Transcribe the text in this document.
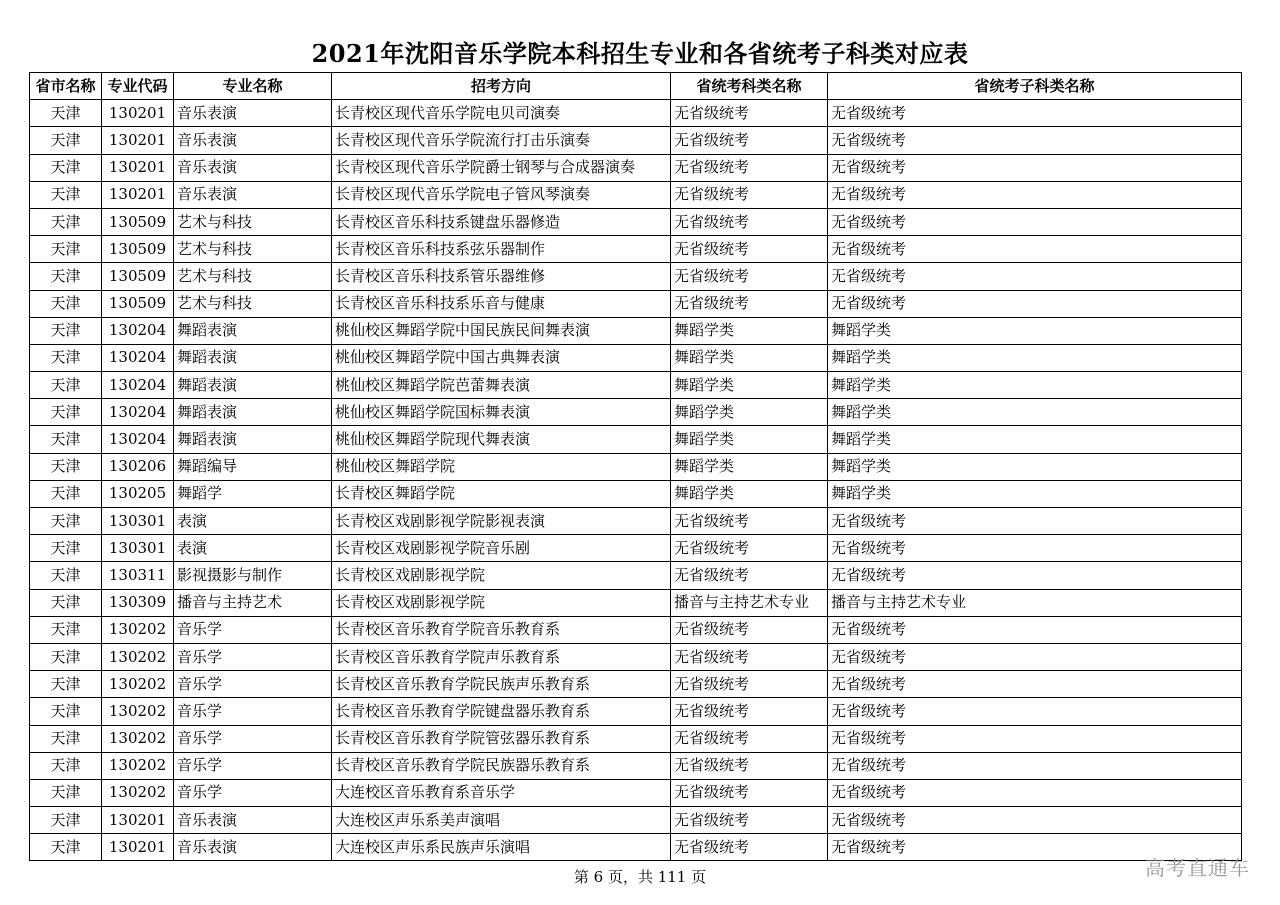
2021年沈阳音乐学院本科招生专业和各省统考子科类对应表
省市名称	专业代码	专业名称	招考方向	省统考科类名称	省统考子科类名称
天津	130201	音乐表演	长青校区现代音乐学院电贝司演奏	无省级统考	无省级统考
天津	130201	音乐表演	长青校区现代音乐学院流行打击乐演奏	无省级统考	无省级统考
天津	130201	音乐表演	长青校区现代音乐学院爵士钢琴与合成器演奏	无省级统考	无省级统考
天津	130201	音乐表演	长青校区现代音乐学院电子管风琴演奏	无省级统考	无省级统考
天津	130509	艺术与科技	长青校区音乐科技系键盘乐器修造	无省级统考	无省级统考
天津	130509	艺术与科技	长青校区音乐科技系弦乐器制作	无省级统考	无省级统考
天津	130509	艺术与科技	长青校区音乐科技系管乐器维修	无省级统考	无省级统考
天津	130509	艺术与科技	长青校区音乐科技系乐音与健康	无省级统考	无省级统考
天津	130204	舞蹈表演	桃仙校区舞蹈学院中国民族民间舞表演	舞蹈学类	舞蹈学类
天津	130204	舞蹈表演	桃仙校区舞蹈学院中国古典舞表演	舞蹈学类	舞蹈学类
天津	130204	舞蹈表演	桃仙校区舞蹈学院芭蕾舞表演	舞蹈学类	舞蹈学类
天津	130204	舞蹈表演	桃仙校区舞蹈学院国标舞表演	舞蹈学类	舞蹈学类
天津	130204	舞蹈表演	桃仙校区舞蹈学院现代舞表演	舞蹈学类	舞蹈学类
天津	130206	舞蹈编导	桃仙校区舞蹈学院	舞蹈学类	舞蹈学类
天津	130205	舞蹈学	长青校区舞蹈学院	舞蹈学类	舞蹈学类
天津	130301	表演	长青校区戏剧影视学院影视表演	无省级统考	无省级统考
天津	130301	表演	长青校区戏剧影视学院音乐剧	无省级统考	无省级统考
天津	130311	影视摄影与制作	长青校区戏剧影视学院	无省级统考	无省级统考
天津	130309	播音与主持艺术	长青校区戏剧影视学院	播音与主持艺术专业	播音与主持艺术专业
天津	130202	音乐学	长青校区音乐教育学院音乐教育系	无省级统考	无省级统考
天津	130202	音乐学	长青校区音乐教育学院声乐教育系	无省级统考	无省级统考
天津	130202	音乐学	长青校区音乐教育学院民族声乐教育系	无省级统考	无省级统考
天津	130202	音乐学	长青校区音乐教育学院键盘器乐教育系	无省级统考	无省级统考
天津	130202	音乐学	长青校区音乐教育学院管弦器乐教育系	无省级统考	无省级统考
天津	130202	音乐学	长青校区音乐教育学院民族器乐教育系	无省级统考	无省级统考
天津	130202	音乐学	大连校区音乐教育系音乐学	无省级统考	无省级统考
天津	130201	音乐表演	大连校区声乐系美声演唱	无省级统考	无省级统考
天津	130201	音乐表演	大连校区声乐系民族声乐演唱	无省级统考	无省级统考
第 6 页，共 111 页	高考直通车
